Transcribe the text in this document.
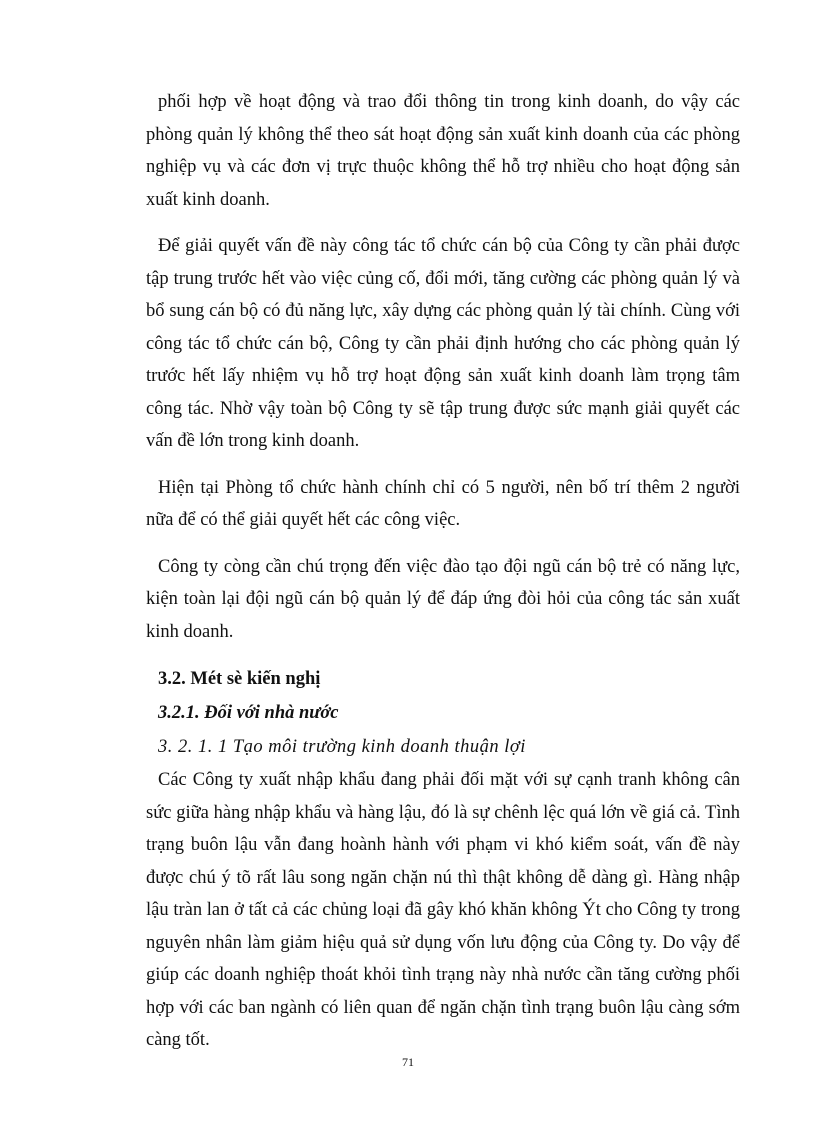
phối hợp về hoạt động và trao đổi thông tin trong kinh doanh, do vậy các phòng quản lý không thể theo sát hoạt động sản xuất kinh doanh của các phòng nghiệp vụ và các đơn vị trực thuộc không thể hỗ trợ nhiều cho hoạt động sản xuất kinh doanh.

Để giải quyết vấn đề này công tác tổ chức cán bộ của Công ty cần phải được tập trung trước hết vào việc củng cố, đổi mới, tăng cường các phòng quản lý và bổ sung cán bộ có đủ năng lực, xây dựng các phòng quản lý tài chính. Cùng với công tác tổ chức cán bộ, Công ty cần phải định hướng cho các phòng quản lý trước hết lấy nhiệm vụ hỗ trợ hoạt động sản xuất kinh doanh làm trọng tâm công tác. Nhờ vậy toàn bộ Công ty sẽ tập trung được sức mạnh giải quyết các vấn đề lớn trong kinh doanh.

Hiện tại Phòng tổ chức hành chính chỉ có 5 người, nên bố trí thêm 2 người nữa để có thể giải quyết hết các công việc.

Công ty còng cần chú trọng đến việc đào tạo đội ngũ cán bộ trẻ có năng lực, kiện toàn lại đội ngũ cán bộ quản lý để đáp ứng đòi hỏi của công tác sản xuất kinh doanh.

3.2. Mét sè kiến nghị

3.2.1. Đối với nhà nước

3. 2. 1. 1 Tạo môi trường kinh doanh thuận lợi

Các Công ty xuất nhập khẩu đang phải đối mặt với sự cạnh tranh không cân sức giữa hàng nhập khẩu và hàng lậu, đó là sự chênh lệc quá lớn về giá cả. Tình trạng buôn lậu vẫn đang hoành hành với phạm vi khó kiểm soát, vấn đề này được chú ý tõ rất lâu song ngăn chặn nú thì thật không dễ dàng gì. Hàng nhập lậu tràn lan ở tất cả các chủng loại đã gây khó khăn không Ýt cho Công ty trong nguyên nhân làm giảm hiệu quả sử dụng vốn lưu động của Công ty. Do vậy để giúp các doanh nghiệp thoát khỏi tình trạng này nhà nước cần tăng cường phối hợp với các ban ngành có liên quan để ngăn chặn tình trạng buôn lậu càng sớm càng tốt.

71
